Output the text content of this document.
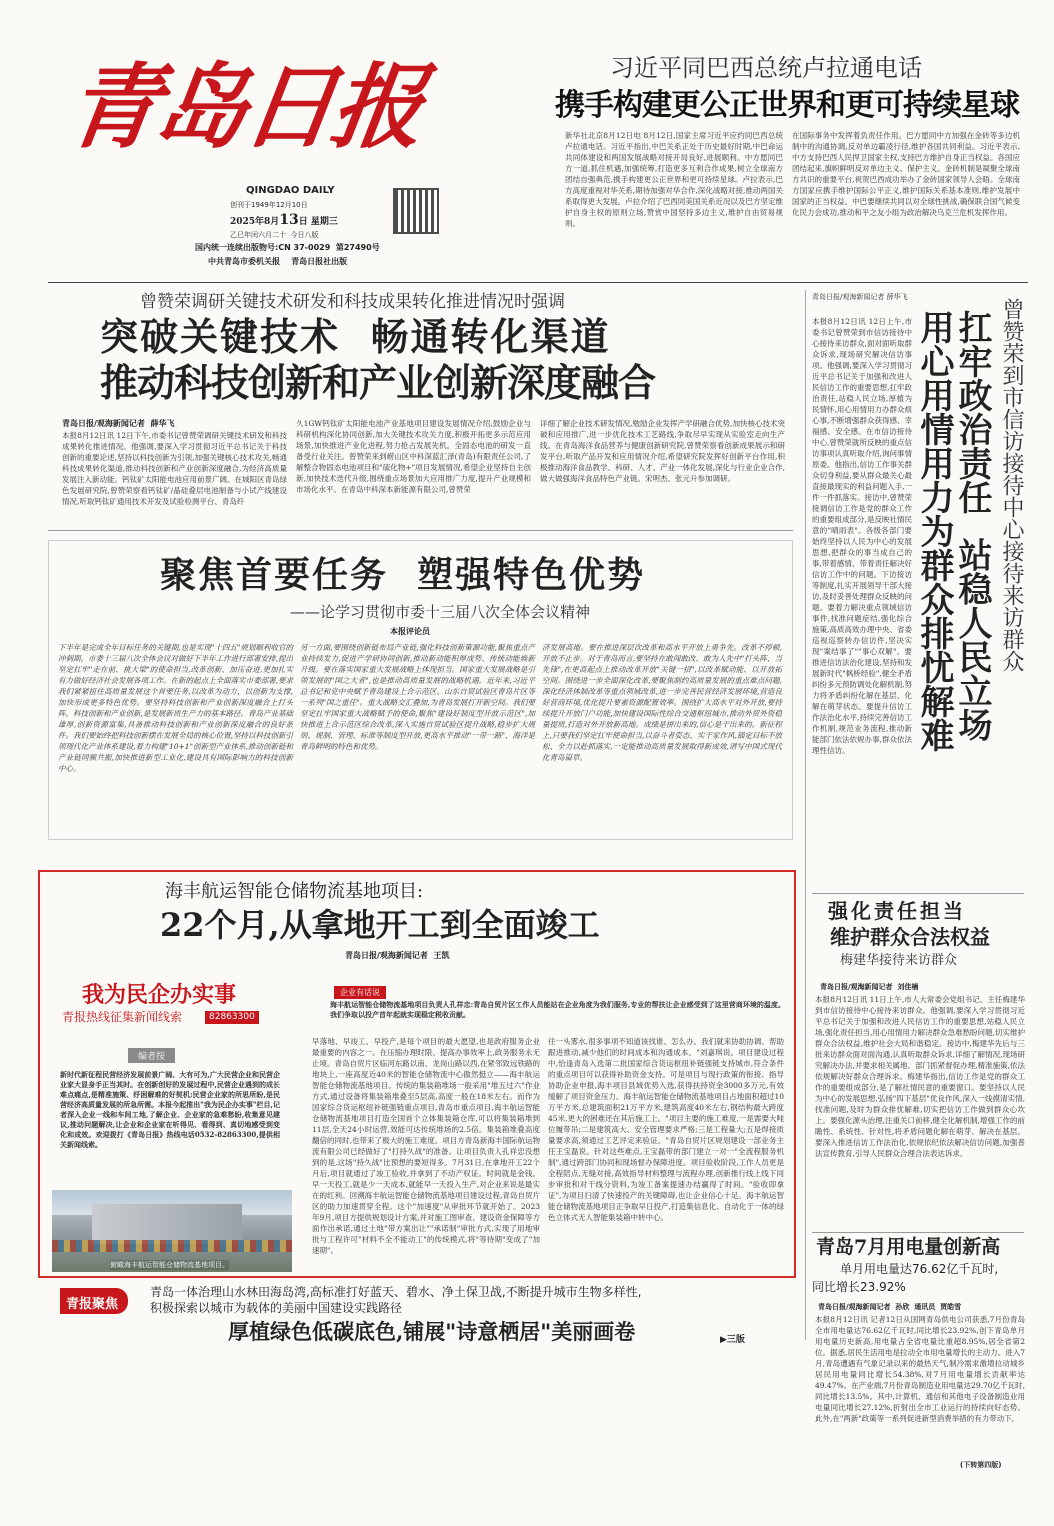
青岛日报
QINGDAO DAILY
创刊于1949年12月10日
2025年8月13日 星期三
乙巳年闰六月二十 今日八版
国内统一连续出版物号:CN 37-0029 第27490号
中共青岛市委机关报    青岛日报社出版
习近平同巴西总统卢拉通电话
携手构建更公正世界和更可持续星球
新华社北京8月12日电 8月12日,国家主席习近平应约同巴西总统卢拉通电话。习近平指出,中巴关系正处于历史最好时期,中巴命运共同体建设和两国发展战略对接开局良好,进展顺利。中方愿同巴方一道,抓住机遇,加强统筹,打造更多互利合作成果,树立全球南方团结自强典范,携手构建更公正世界和更可持续星球。卢拉表示,巴方高度重视对华关系,期待加强对华合作,深化战略对接,推动两国关系取得更大发展。卢拉介绍了巴西同美国关系近况以及巴方坚定维护自身主权的原则立场,赞赏中国坚持多边主义,维护自由贸易规则。
在国际事务中发挥着负责任作用。巴方愿同中方加强在金砖等多边机制中的沟通协调,反对单边霸凌行径,维护各国共同利益。习近平表示,中方支持巴西人民捍卫国家主权,支持巴方维护自身正当权益。各国应团结起来,旗帜鲜明反对单边主义、保护主义。金砖机制是凝聚全球南方共识的重要平台,祝贺巴西成功举办了金砖国家领导人会晤。全球南方国家应携手维护国际公平正义,维护国际关系基本准则,维护发展中国家的正当权益。中巴要继续共同以对全球性挑战,确保联合国气候变化民力会成功,推动和平之友小组为政治解决乌克兰危机发挥作用。
曾赞荣调研关键技术研发和科技成果转化推进情况时强调
突破关键技术  畅通转化渠道
推动科技创新和产业创新深度融合
青岛日报/观海新闻记者  薛华飞
本报8月12日讯 12日下午,市委书记曾赞荣调研关键技术研发和科技成果转化推进情况。他强调,要深入学习贯彻习近平总书记关于科技创新的重要论述,坚持以科技创新为引领,加强关键核心技术攻关,畅通科技成果转化渠道,推动科技创新和产业创新深度融合,为经济高质量发展注入新动能。钙钛矿太阳能电池应用前景广阔。在城阳区青岛绿色发展研究院,曾赞荣察看钙钛矿/晶硅叠层电池制备与小试产线建设情况,听取钙钛矿通用技术开发及试验检测平台、青岛纤
久1GW钙钛矿太阳能电池产业基地项目建设发展情况介绍,鼓励企业与科研机构深化协同创新,加大关键技术攻关力度,积极开拓更多示范应用场景,加快推进产业化进程,努力抢占发展先机。全固态电池的研发一直备受行业关注。曾赞荣来到崂山区中科深蓝汇泽(青岛)有限责任公司,了解整合物固态电池项目和"硫化物+"项目发展情况,希望企业坚持自主创新,加快技术迭代升级,围绕重点场景加大应用推广力度,提升产业规模和市场化水平。在青岛中科深本新能源有限公司,曾赞荣
详细了解企业技术研发情况,勉励企业发挥产学研融合优势,加快核心技术突破和应用推广,进一步优化技术工艺路线,争取尽早实现从实验室走向生产线。在青岛海洋食品营养与健康创新研究院,曾赞荣察看创新成果展示和研发平台,听取产品开发和应用情况介绍,希望研究院发挥好创新平台作用,积极推动海洋食品教学、科研、人才、产业一体化发展,深化与行业企业合作,做大做强海洋食品特色产业链。宋明杰、张元升参加调研。
聚焦首要任务  塑强特色优势
——论学习贯彻市委十三届八次全体会议精神
本报评论员
下半年是完成全年目标任务的关键期,也是实现"十四五"规划顺利收官的冲刺期。市委十三届八次全体会议对做好下半年工作进行部署安排,提出坚定扛牢"走在前、挑大梁"的使命担当,改革创新、加压奋进,更加扎实有力做好经济社会发展各项工作。在新的起点上全面落实市委部署,要求我们紧紧扭住高质量发展这个首要任务,以改革为动力、以创新为支撑,加快形成更多特色优势。要坚持科技创新和产业创新深度融合上打头阵。科技创新和产业创新,是发展新质生产力的基本路径。青岛产业基础雄厚,创新资源富集,具备推动科技创新和产业创新深度融合的良好条件。我们要始终把科技创新摆在发展全局的核心位置,坚持以科技创新引领现代化产业体系建设,着力构建"10+1"创新型产业体系,推动创新链和产业链同频共振,加快推进新型工业化,建设具有国际影响力的科技创新中心。
另一方面,要围绕创新链布局产业链,强化科技创新策源功能,聚焦重点产业持续发力,促进产学研协同创新,推动新动能积厚成势、传统动能焕新升级。要在落实国家重大发展战略上体现担当。国家重大发展战略是引领发展的"国之大者",也是推动高质量发展的战略机遇。近年来,习近平总书记和党中央赋予青岛建设上合示范区、山东自贸试验区青岛片区等一系列"国之重任"。重大战略交汇叠加,为青岛发展打开新空间。我们要坚定扛牢国家重大战略赋予的使命,聚焦"建设好制度型开放示范区",加快推进上合示范区综合改革,深入实施自贸试验区提升战略,稳步扩大规则、规制、管理、标准等制度型开放,更高水平推动"一带一路"、海洋是青岛鲜明的特色和优势。
济发展高地。要在推进深层次改革和高水平开放上勇争先。改革不停顿,开放不止步。对于青岛而言,要坚持在敢闯敢改、敢为人先中"打头阵、当先锋",在更高起点上推动改革开放"关键一招",以改革赋动能、以开放拓空间。围绕进一步全面深化改革,要聚焦制约高质量发展的重点难点问题,深化经济体制改革等重点领域改革,进一步完善民营经济发展环境,营造良好营商环境,优化提升要素资源配置效率。围绕扩大高水平对外开放,要持续提升开放门户功能,加快建设国际性综合交通枢纽城市,推动外贸外资稳量提质,打造对外开放新高地。成绩是拼出来的,信心是干出来的。新征程上,只要我们坚定扛牢使命担当,以奋斗者姿态、实干家作风,锚定目标不放松、全力以赴抓落实,一定能推动高质量发展取得新成效,谱写中国式现代化青岛篇章。
海丰航运智能仓储物流基地项目:
22个月,从拿地开工到全面竣工
青岛日报/观海新闻记者  王凯
我为民企办实事
青报热线征集新闻线索	82863300
编者按
新时代新征程民营经济发展前景广阔、大有可为,广大民营企业和民营企业家大显身手正当其时。在创新创好的发展过程中,民营企业遇到的成长难点痛点,是精准施策、纾困解难的好契机;民营企业家的所思所盼,是民营经济高质量发展的所急所需。本报今起推出"我为民企办实事"栏目,记者深入企业一线和车间工地,了解企业、企业家的急难愁盼,收集意见建议,推动问题解决,让企业和企业家在听得见、看得到、真切地感受到变化和成效。欢迎拨打《青岛日报》热线电话0532-82863300,提供相关新闻线索。
俯瞰海丰航运智能仓储物流基地项目。
企业有话说
海丰航运智能仓储物流基地项目负责人孔祥忠:青岛自贸片区工作人员能站在企业角度为我们服务,专业的帮扶让企业感受到了这里营商环境的温度。我们争取以投产首年起就实现稳定税收贡献。
早落地、早竣工、早投产,是每个项目的最大愿望,也是政府服务企业最重要的内容之一。在压缩办理时限、提高办事效率上,政务服务永无止境。青岛自贸片区临河东路以南、龙岗山路以西,在紧邻致远铁路的地块上,一座高度近40米的智能仓储物流中心傲然挺立——海丰航运智能仓储物流基地项目。传统的集装箱堆场一般采用"堆五过六"作业方式,通过设备将集装箱堆叠至5层高,高度一般在18米左右。而作为国家综合货运枢纽补链强链重点项目,青岛市重点项目,海丰航运智能仓储物流基地项目打造全国首个立体集装箱仓库,可以将集装箱堆到11层,全天24小时运营,效能可达传统堆场的2.5倍。集装箱堆叠高度翻倍的同时,也带来了极大的施工难度。项目方青岛新海丰国际航运物流有限公司已经做好了"打持久战"的准备。让项目负责人孔祥忠没想到的是,这场"持久战"比预想的要短得多。7月31日,在拿地开工22个月后,项目就通过了竣工验收,并拿到了不动产权证。时间就是金钱。早一天投工,就是少一天成本,就能早一天投入生产,对企业来说是最实在的红利。回溯海丰航运智能仓储物流基地项目建设过程,青岛自贸片区的助力加速贯穿全程。这个"加速度"从审批环节就开始了。2023年9月,项目方提供规划设计方案,并对施工图审查、建设资金保障等方面作出承诺,通过土地"带方案出让""承诺制"审批方式,实现了用地审批与工程许可"材料不全不能动工"的传统模式,将"等待期"变成了"加速期"。
往一头雾水,很多事项不知道该找谁、怎么办。我们就来协助协调、帮助跟进推动,减少他们的时间成本和沟通成本。"刘嘉琪说。项目建设过程中,恰逢青岛入选第二批国家综合货运枢纽补链强链支持城市,符合条件的重点项目可以获得补助资金支持。可是项目与现行政策的衔接、指导协助企业申报,海丰项目县域优势入选,获得扶持资金3000多万元,有效缓解了项目资金压力。海丰航运智能仓储物流基地项目占地面积超过10万平方米,总建筑面积21万平方米,建筑高度40米左右,钢结构最大跨度45米,更大的困难还在其后施工上。"项目主要的施工难度,一是需要大吨位履带吊;二是建筑高大、安全管理要求严格;三是工程量大;五是焊接质量要求高,须通过工艺评定来验证。"青岛自贸片区规划建设一部业务主任王宝磊说。针对这些难点,王宝磊带的部门建立一对一"全流程服务机制",通过跨部门协同和现场督办保障进度。项目验收阶段,工作人员更是全程陪点,无缝对接,高效指导材料整理与流程办理,创新推行线上线下同步审批和对干线分资料,为竣工备案提速办结赢得了时间。"验收即拿证",为项目扫清了快速投产的关键障碍,也让企业信心十足。海丰航运智能仓储物流基地项目正争取早日投产,打造集信息化、自动化于一体的绿色立体式无人智能集装箱中转中心。
青报聚焦
青岛一体治理山水林田海岛湾,高标准打好蓝天、碧水、净土保卫战,不断提升城市生物多样性,
积极探索以城市为载体的美丽中国建设实践路径
厚植绿色低碳底色,铺展"诗意栖居"美丽画卷	▶三版
青岛日报/观海新闻记者 薛华飞
本报8月12日讯 12日上午,市委书记曾赞荣到市信访接待中心接待来访群众,面对面听取群众诉求,现场研究解决信访事项。他强调,要深入学习贯彻习近平总书记关于加强和改进人民信访工作的重要思想,扛牢政治责任,站稳人民立场,厚植为民情怀,用心用情用力办群众烦心事,不断增强群众获得感、幸福感、安全感。在市信访接待中心,曾赞荣就所反映的重点信访事项认真听取介绍,询问事情原委。他指出,信访工作事关群众切身利益,要从群众最关心最直接最现实的利益问题入手,一件一件抓落实。接访中,曾赞荣接调信访工作是党的群众工作的重要组成部分,是反映社情民意的"晴雨表"。各级各部门要始终坚持以人民为中心的发展思想,把群众的事当成自己的事,带着感情、带着责任解决好信访工作中的问题。下访接访等制度,扎实开展领导干部大接访,及时妥善处理群众反映的问题。要着力解决重点领域信访事件,找准问题症结,强化综合施策,高质高效办理中央、省委巡视巡察转办信访件,坚决实现"案结事了""事心双解"。要推进信访法治化建设,坚持和发展新时代"枫桥经验",健全矛盾纠纷多元预防调处化解机制,努力将矛盾纠纷化解在基层、化解在萌芽状态。要提升信访工作法治化水平,持续完善信访工作机制,规范业务流程,推动新能部门依法依规办事,群众依法理性信访。
曾赞荣到市信访接待中心接待来访群众
扛牢政治责任  站稳人民立场
用心用情用力为群众排忧解难
强化责任担当
维护群众合法权益
梅建华接待来访群众
青岛日报/观海新闻记者  刘佳楠
本报8月12日讯 11日上午,市人大常委会党组书记、主任梅建华到市信访接待中心接待来访群众。他强调,要深入学习贯彻习近平总书记关于加强和改进人民信访工作的重要思想,站稳人民立场,强化责任担当,用心用情用力解决群众急难愁盼问题,切实维护群众合法权益,维护社会大局和谐稳定。接访中,梅建华先后与三批来访群众面对面沟通,认真听取群众诉求,详细了解情况,现场研究解决办法,并要求相关属地、部门抓紧督促办理,精准施策,依法依规解决好群众合理诉求。梅建华指出,信访工作是党的群众工作的重要组成部分,是了解社情民意的重要窗口。要坚持以人民为中心的发展思想,弘扬"四下基层"优良作风,深入一线摸清实情,找准问题,及时为群众排忧解难,切实把信访工作做到群众心坎上。要强化源头治理,注重关口前移,健全化解机制,增强工作的前瞻性、系统性、针对性,将矛盾问题化解在萌芽、解决在基层。要深入推进信访工作法治化,依规依纪依法解决信访问题,加强普法宣传教育,引导人民群众合理合法表达诉求。
青岛7月用电量创新高
单月用电量达76.62亿千瓦时,
同比增长23.92%
青岛日报/观海新闻记者  孙欣  通讯员  贾皓雪
本报8月12日讯 记者12日从国网青岛供电公司获悉,7月份青岛全市用电量达76.62亿千瓦时,同比增长23.92%,创下青岛单月用电量历史新高,用电量占全省电量比重超8.95%,居全省第2位。据悉,居民生活用电是拉动全市用电量增长的主动力。进入7月,青岛遭遇有气象记录以来的最热天气,制冷需求激增拉动城乡居民用电量同比增长54.38%,对7月用电量增长贡献率达49.47%。在产业端,7月份青岛制造业用电量达29.70亿千瓦时,同比增长13.5%。其中,计算机、通信和其他电子设备制造业用电量同比增长27.12%,折射出全市工业运行的持续向好态势。此外,在"两新"政策等一系列促进新型消费举措的有力带动下,
(下转第四版)
